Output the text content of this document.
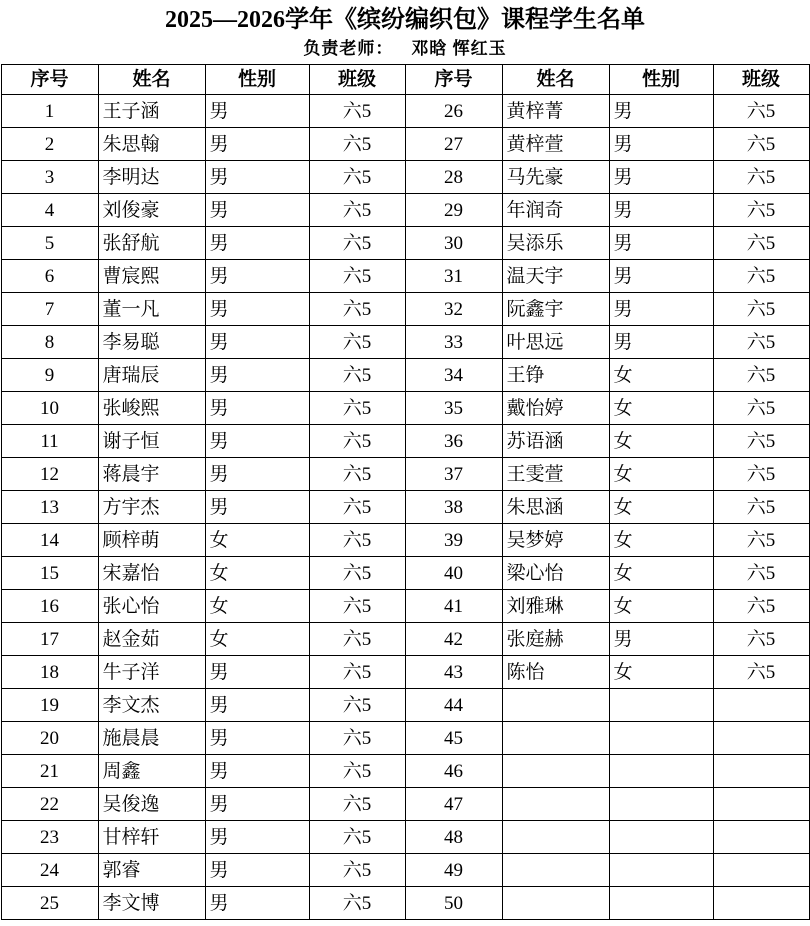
2025—2026学年《缤纷编织包》课程学生名单
负责老师： 邓晗 恽红玉
序号	姓名	性别	班级	序号	姓名	性别	班级
1	王子涵	男	六5	26	黄梓菁	男	六5
2	朱思翰	男	六5	27	黄梓萱	男	六5
3	李明达	男	六5	28	马先豪	男	六5
4	刘俊豪	男	六5	29	年润奇	男	六5
5	张舒航	男	六5	30	吴添乐	男	六5
6	曹宸熙	男	六5	31	温天宇	男	六5
7	董一凡	男	六5	32	阮鑫宇	男	六5
8	李易聪	男	六5	33	叶思远	男	六5
9	唐瑞辰	男	六5	34	王铮	女	六5
10	张峻熙	男	六5	35	戴怡婷	女	六5
11	谢子恒	男	六5	36	苏语涵	女	六5
12	蒋晨宇	男	六5	37	王雯萱	女	六5
13	方宇杰	男	六5	38	朱思涵	女	六5
14	顾梓萌	女	六5	39	吴梦婷	女	六5
15	宋嘉怡	女	六5	40	梁心怡	女	六5
16	张心怡	女	六5	41	刘雅琳	女	六5
17	赵金茹	女	六5	42	张庭赫	男	六5
18	牛子洋	男	六5	43	陈怡	女	六5
19	李文杰	男	六5	44			
20	施晨晨	男	六5	45			
21	周鑫	男	六5	46			
22	吴俊逸	男	六5	47			
23	甘梓轩	男	六5	48			
24	郭睿	男	六5	49			
25	李文博	男	六5	50			
